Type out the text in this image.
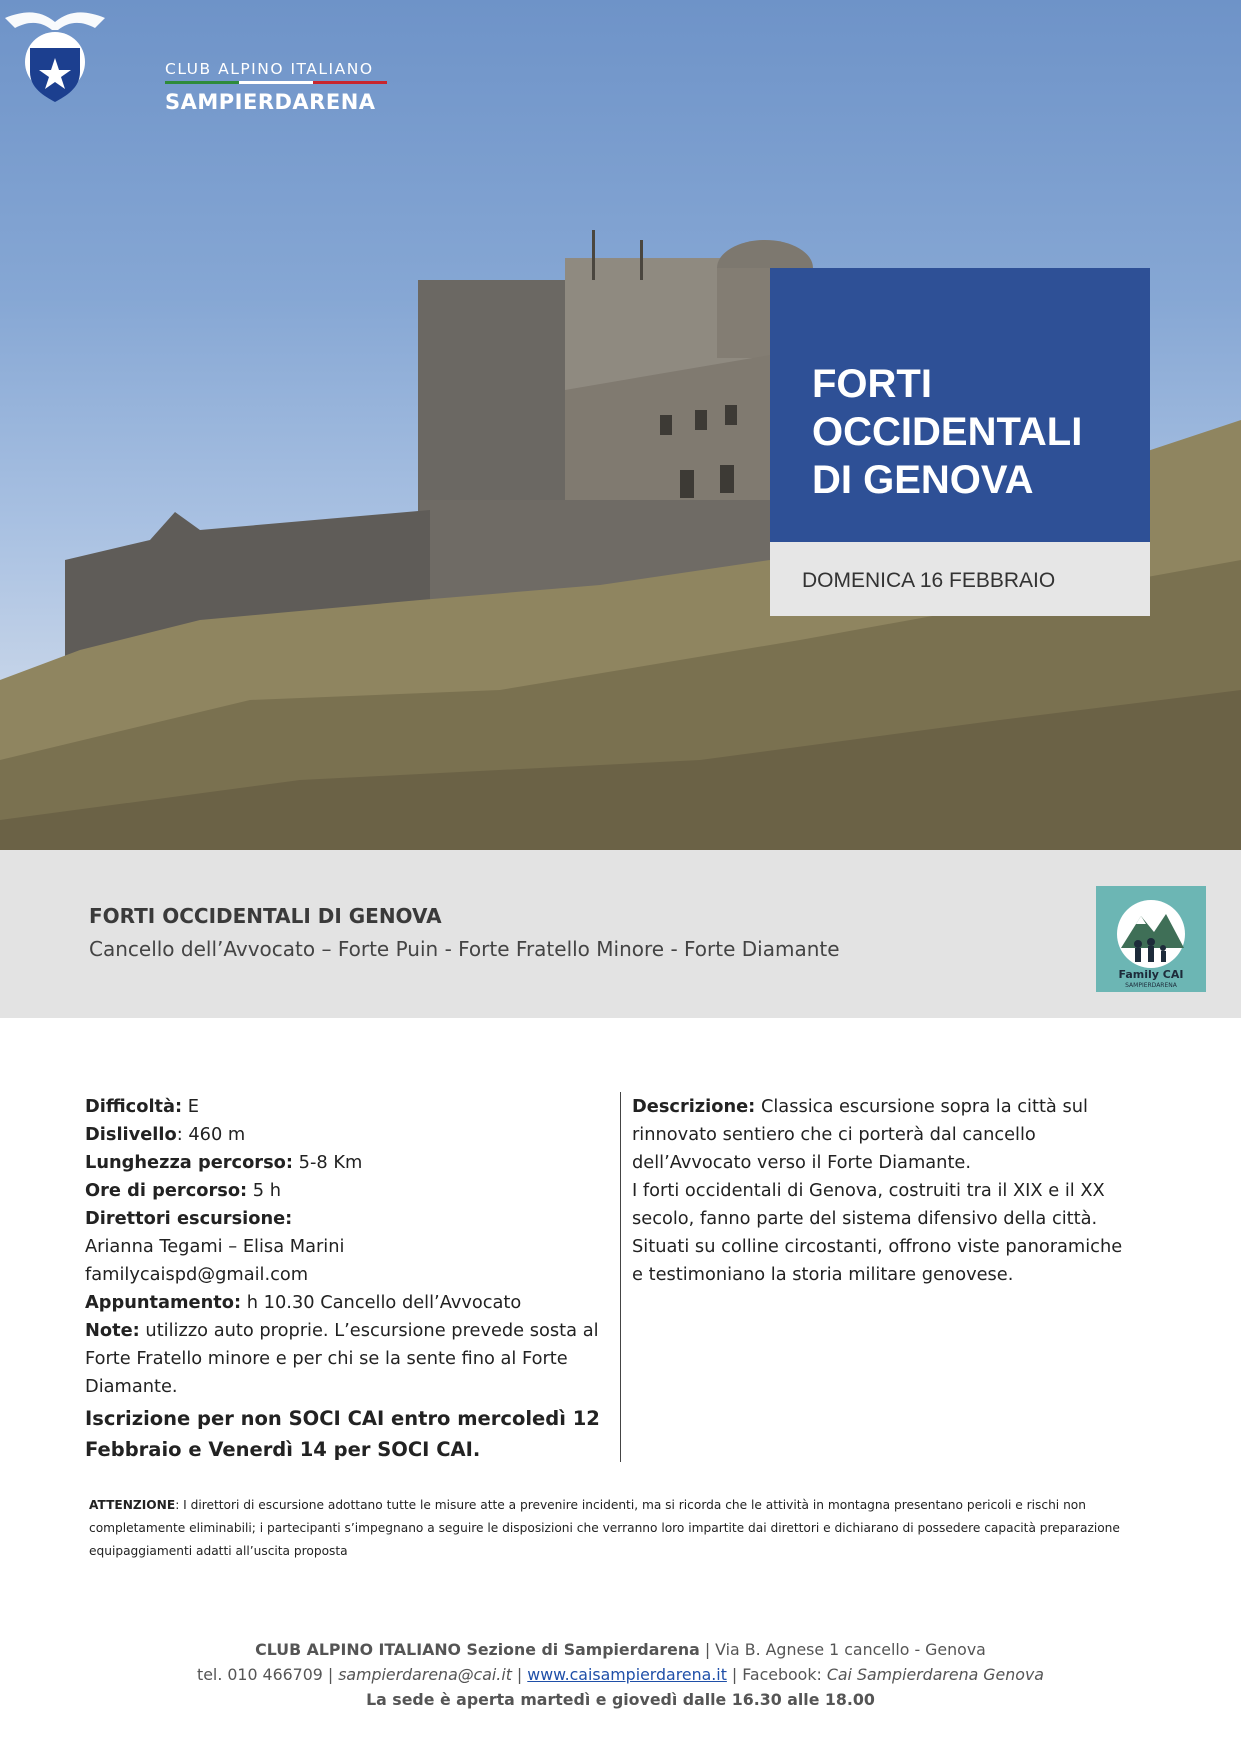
CLUB ALPINO ITALIANO
SAMPIERDARENA
FORTI
OCCIDENTALI
DI GENOVA
DOMENICA 16 FEBBRAIO
FORTI OCCIDENTALI DI GENOVA
Cancello dell’Avvocato – Forte Puin - Forte Fratello Minore - Forte Diamante
Family CAI
SAMPIERDARENA
Difficoltà: E
Dislivello: 460 m
Lunghezza percorso: 5-8 Km
Ore di percorso: 5 h
Direttori escursione:
Arianna Tegami – Elisa Marini
familycaispd@gmail.com
Appuntamento: h 10.30 Cancello dell’Avvocato
Note: utilizzo auto proprie. L’escursione prevede sosta al Forte Fratello minore e per chi se la sente fino al Forte Diamante.
Iscrizione per non SOCI CAI entro mercoledì 12 Febbraio e Venerdì 14 per SOCI CAI.
Descrizione: Classica escursione sopra la città sul rinnovato sentiero che ci porterà dal cancello dell’Avvocato verso il Forte Diamante.
I forti occidentali di Genova, costruiti tra il XIX e il XX secolo, fanno parte del sistema difensivo della città. Situati su colline circostanti, offrono viste panoramiche e testimoniano la storia militare genovese.
ATTENZIONE: I direttori di escursione adottano tutte le misure atte a prevenire incidenti, ma si ricorda che le attività in montagna presentano pericoli e rischi non completamente eliminabili; i partecipanti s’impegnano a seguire le disposizioni che verranno loro impartite dai direttori e dichiarano di possedere capacità preparazione equipaggiamenti adatti all’uscita proposta
CLUB ALPINO ITALIANO Sezione di Sampierdarena | Via B. Agnese 1 cancello - Genova
tel. 010 466709 | sampierdarena@cai.it | www.caisampierdarena.it | Facebook: Cai Sampierdarena Genova
La sede è aperta martedì e giovedì dalle 16.30 alle 18.00
